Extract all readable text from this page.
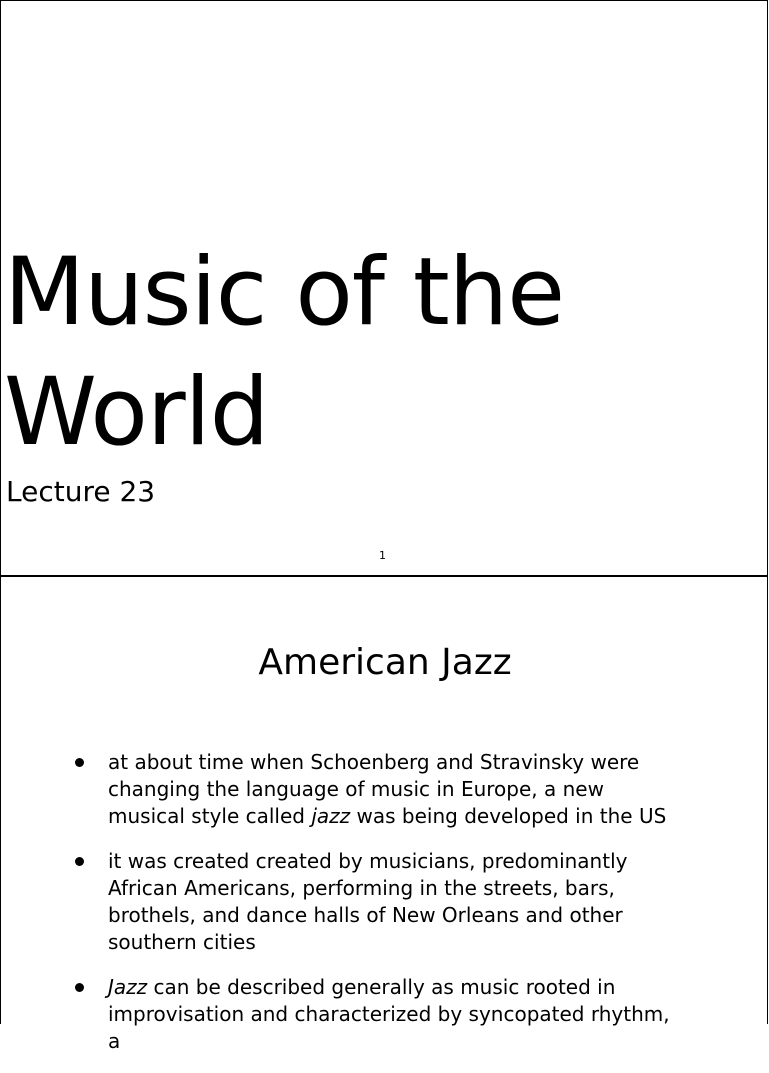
Music of the
World
Lecture 23
1
American Jazz
at about time when Schoenberg and Stravinsky were changing the language of music in Europe, a new musical style called jazz was being developed in the US
it was created created by musicians, predominantly African Americans, performing in the streets, bars, brothels, and dance halls of New Orleans and other southern cities
Jazz can be described generally as music rooted in improvisation and characterized by syncopated rhythm, a
